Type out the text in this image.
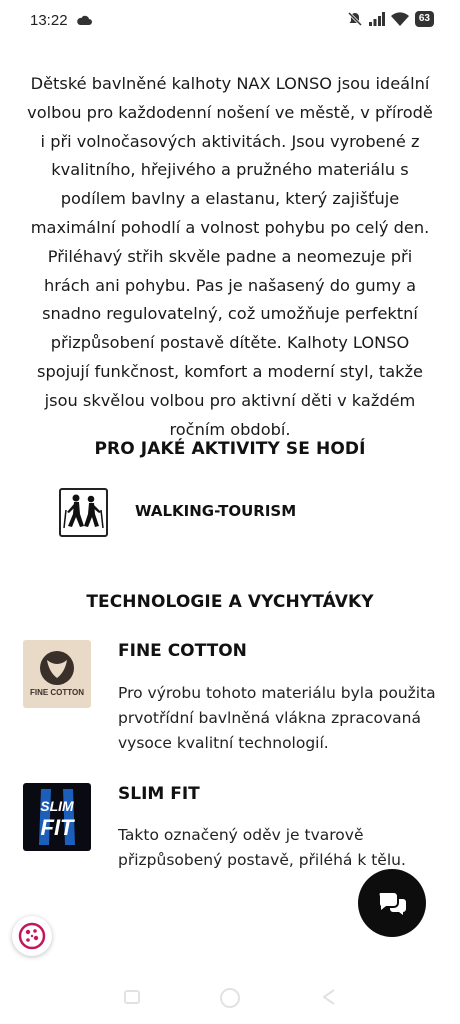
13:22	63

Dětské bavlněné kalhoty NAX LONSO jsou ideální volbou pro každodenní nošení ve městě, v přírodě i při volnočasových aktivitách. Jsou vyrobené z kvalitního, hřejivého a pružného materiálu s podílem bavlny a elastanu, který zajišťuje maximální pohodlí a volnost pohybu po celý den. Přiléhavý střih skvěle padne a neomezuje při hrách ani pohybu. Pas je našasený do gumy a snadno regulovatelný, což umožňuje perfektní přizpůsobení postavě dítěte. Kalhoty LONSO spojují funkčnost, komfort a moderní styl, takže jsou skvělou volbou pro aktivní děti v každém ročním období.

PRO JAKÉ AKTIVITY SE HODÍ
WALKING-TOURISM
TECHNOLOGIE A VYCHYTÁVKY
FINE COTTON
FINE COTTON

Pro výrobu tohoto materiálu byla použita prvotřídní bavlněná vlákna zpracovaná vysoce kvalitní technologií.

SLIM
FIT
SLIM FIT

Takto označený oděv je tvarově přizpůsobený postavě, přiléhá k tělu.
